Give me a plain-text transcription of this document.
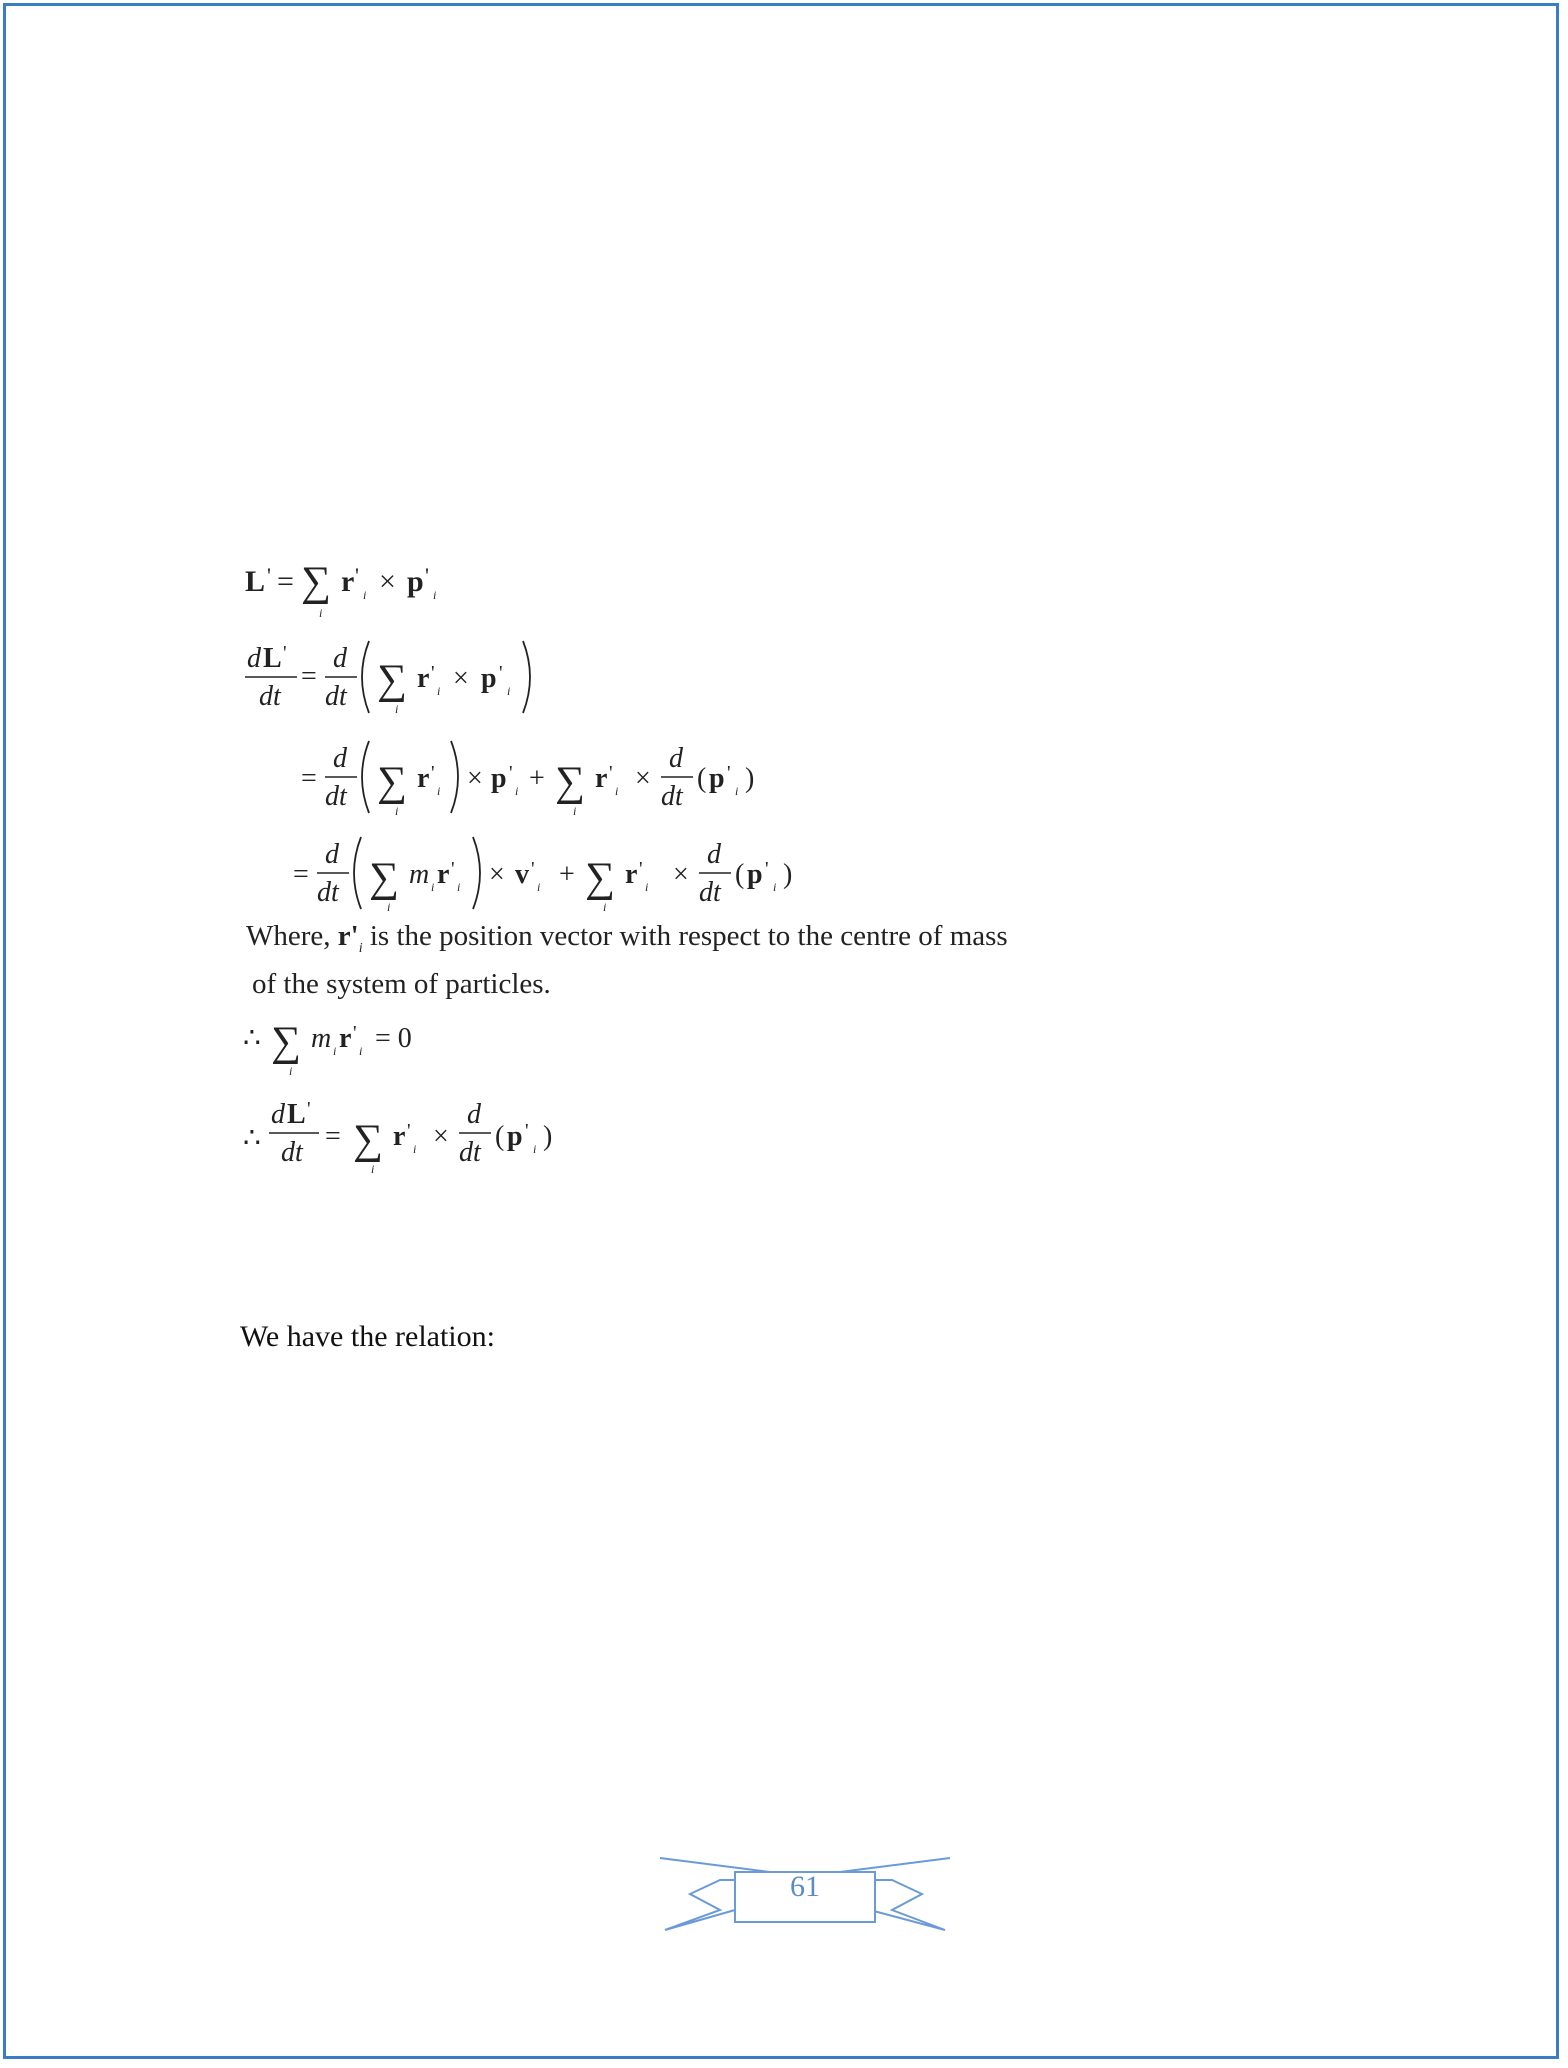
L ' = ∑
i
r '
i × p '
i
d L '
dt
=
d
dt ∑
i
r '
i × p '
i
=
d
dt ∑
i
r '
i × p '
i + ∑
i
r '
i ×
d
dt
( p '
i )
=
d
dt ∑
i
m i r '
i × v '
i + ∑
i
r '
i ×
d
dt
( p '
i )
∴ ∑
i
m i r '
i = 0
∴
d L '
dt
= ∑
i
r '
i ×
d
dt
( p '
i )
Where, $r'_i$ is the position vector with respect to the centre of mass
of the system of particles.
We have the relation:
61
